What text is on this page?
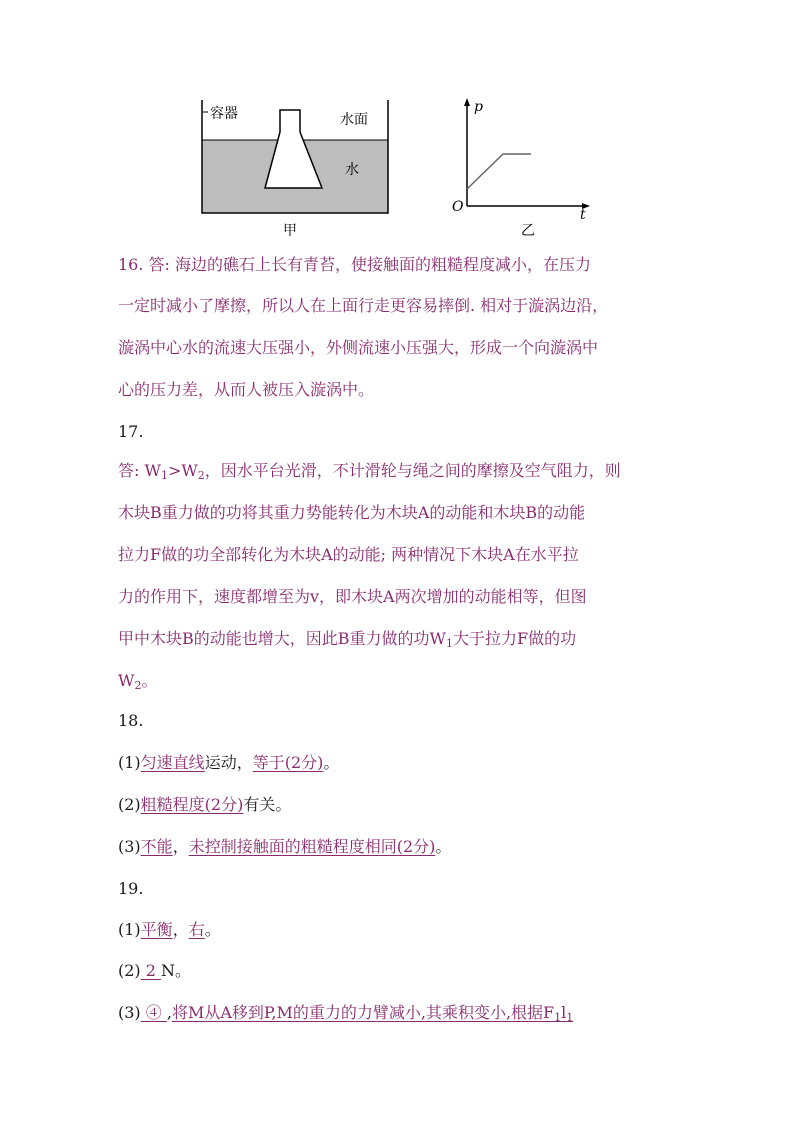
容器	水面
水
甲
p
t
O
乙
16. 答: 海边的礁石上长有青苔，使接触面的粗糙程度减小，在压力
一定时减小了摩擦，所以人在上面行走更容易摔倒. 相对于漩涡边沿，
漩涡中心水的流速大压强小，外侧流速小压强大，形成一个向漩涡中
心的压力差，从而人被压入漩涡中。
17.
答: $W_1>W_2$，因水平台光滑，不计滑轮与绳之间的摩擦及空气阻力，则
木块B重力做的功将其重力势能转化为木块A的动能和木块B的动能
拉力F做的功全部转化为木块A的动能; 两种情况下木块A在水平拉
力的作用下，速度都增至为v，即木块A两次增加的动能相等，但图
甲中木块B的动能也增大，因此B重力做的功$W_1$大于拉力F做的功
$W_2$。
18.
(1)匀速直线运动，等于(2分)。
(2)粗糙程度(2分)有关。
(3)不能，未控制接触面的粗糙程度相同(2分)。
19.
(1)平衡，右。
(2) 2 N。
(3) ④ ,将M从A移到P,M的重力的力臂减小,其乘积变小,根据$F_1l_1$
